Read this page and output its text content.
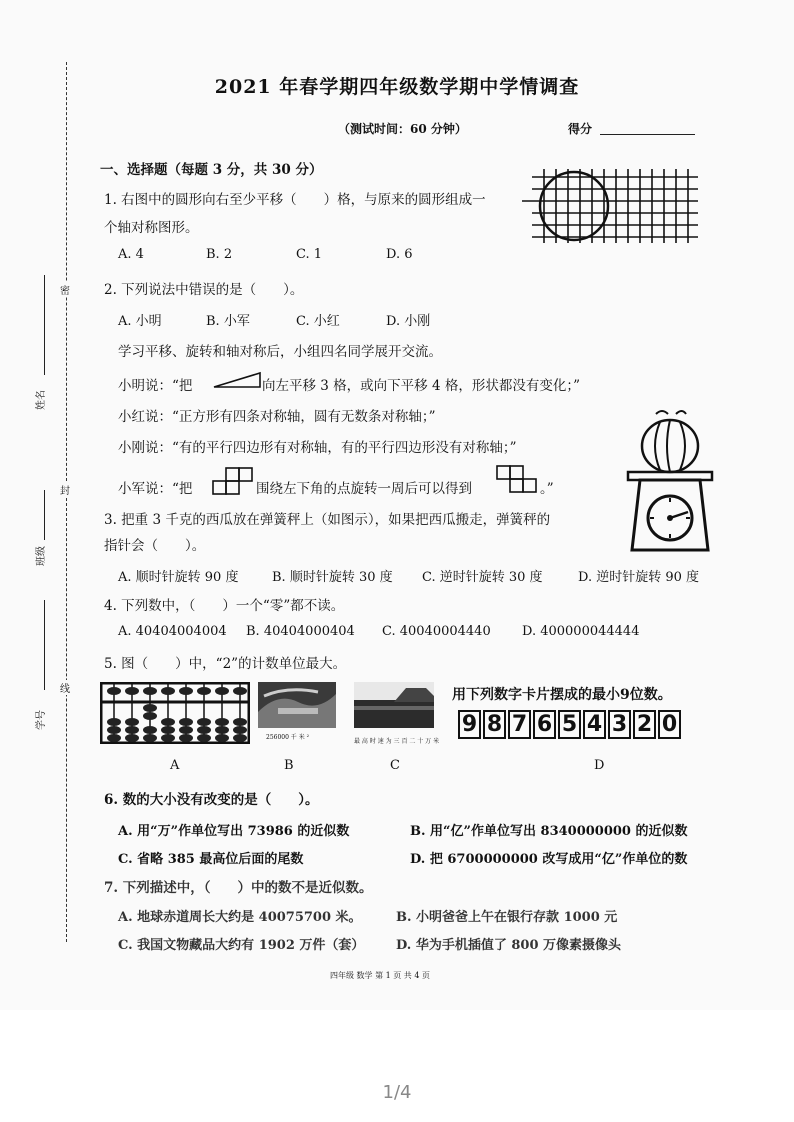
密
封
线
姓名
班级
学号
2021 年春学期四年级数学期中学情调查
（测试时间：60 分钟）	得分
一、选择题（每题 3 分，共 30 分）
1. 右图中的圆形向右至少平移（　　）格，与原来的圆形组成一
个轴对称图形。
A. 4	B. 2	C. 1	D. 6
2. 下列说法中错误的是（　　）。
A. 小明	B. 小军	C. 小红	D. 小刚
学习平移、旋转和轴对称后，小组四名同学展开交流。
小明说：“把	向左平移 3 格，或向下平移 4 格，形状都没有变化；”
小红说：“正方形有四条对称轴，圆有无数条对称轴；”
小刚说：“有的平行四边形有对称轴，有的平行四边形没有对称轴；”
小军说：“把	围绕左下角的点旋转一周后可以得到	。”
3. 把重 3 千克的西瓜放在弹簧秤上（如图示），如果把西瓜搬走，弹簧秤的
指针会（　　）。
A. 顺时针旋转 90 度	B. 顺时针旋转 30 度 C. 逆时针旋转 30 度	D. 逆时针旋转 90 度
4. 下列数中，（　　）一个“零”都不读。
A. 40404004004 B. 40404000404 C. 40040004440 D. 400000044444
5. 图（　　）中，“2”的计数单位最大。
256000 千 米 ²
最 高 时 速 为 三 百 二 十 万 米
用下列数字卡片摆成的最小9位数。
9 8 7 6 5 4 3 2 0
A	B	C	D
6. 数的大小没有改变的是（　　）。
A. 用“万”作单位写出 73986 的近似数	B. 用“亿”作单位写出 8340000000 的近似数
C. 省略 385 最高位后面的尾数	D. 把 6700000000 改写成用“亿”作单位的数
7. 下列描述中，（　　）中的数不是近似数。
A. 地球赤道周长大约是 40075700 米。	B. 小明爸爸上午在银行存款 1000 元
C. 我国文物藏品大约有 1902 万件（套） D. 华为手机插值了 800 万像素摄像头
四年级 数学 第 1 页 共 4 页
1/4
